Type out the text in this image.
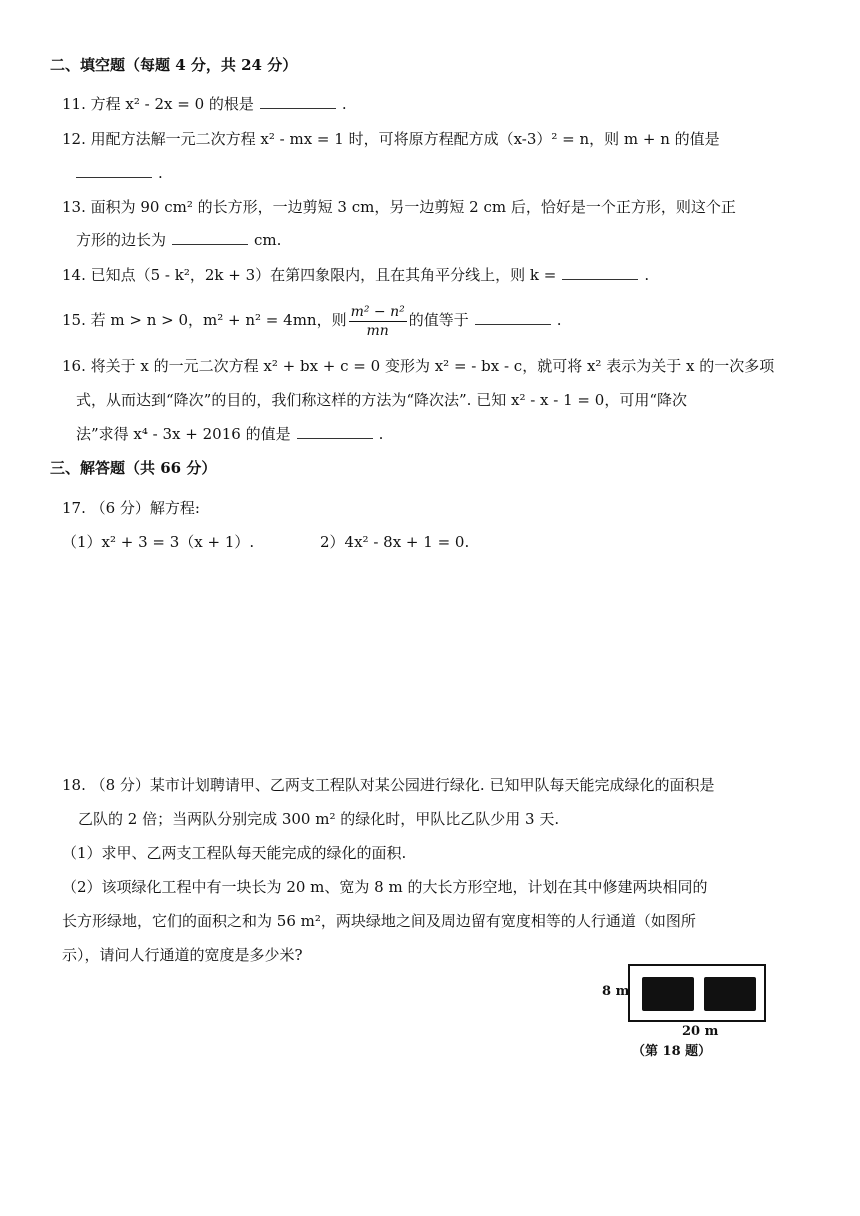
二、填空题（每题 4 分，共 24 分）
11. 方程 x² - 2x = 0 的根是	.
12. 用配方法解一元二次方程 x² - mx = 1 时，可将原方程配方成（x-3）² = n，则 m + n 的值是
.
13. 面积为 90 cm² 的长方形，一边剪短 3 cm，另一边剪短 2 cm 后，恰好是一个正方形，则这个正
方形的边长为	cm.
14. 已知点（5 - k²，2k + 3）在第四象限内，且在其角平分线上，则 k =	.
15. 若 m > n > 0，m² + n² = 4mn，则 $\frac{\text{m² − n²}}{mn}$ 的值等于	.
16. 将关于 x 的一元二次方程 x² + bx + c = 0 变形为 x² = - bx - c，就可将 x² 表示为关于 x 的一次多项
式，从而达到“降次”的目的，我们称这样的方法为“降次法”. 已知 x² - x - 1 = 0，可用“降次
法”求得 x⁴ - 3x + 2016 的值是	.
三、解答题（共 66 分）
17. （6 分）解方程:
（1）x² + 3 = 3（x + 1）.	2）4x² - 8x + 1 = 0.
18. （8 分）某市计划聘请甲、乙两支工程队对某公园进行绿化. 已知甲队每天能完成绿化的面积是
乙队的 2 倍；当两队分别完成 300 m² 的绿化时，甲队比乙队少用 3 天.
（1）求甲、乙两支工程队每天能完成的绿化的面积.
（2）该项绿化工程中有一块长为 20 m、宽为 8 m 的大长方形空地，计划在其中修建两块相同的
长方形绿地，它们的面积之和为 56 m²，两块绿地之间及周边留有宽度相等的人行通道（如图所
示），请问人行通道的宽度是多少米?
8 m
20 m
（第 18 题）
